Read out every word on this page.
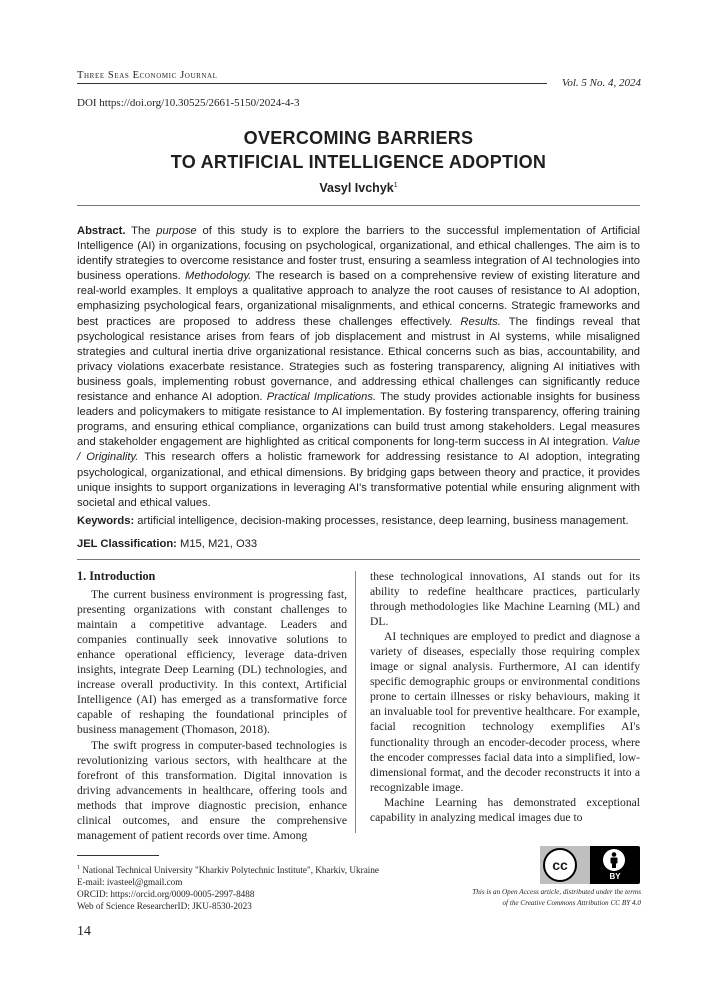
Three Seas Economic Journal
Vol. 5 No. 4, 2024
DOI https://doi.org/10.30525/2661-5150/2024-4-3
OVERCOMING BARRIERS
TO ARTIFICIAL INTELLIGENCE ADOPTION
Vasyl Ivchyk$^1$
Abstract. The purpose of this study is to explore the barriers to the successful implementation of Artificial Intelligence (AI) in organizations, focusing on psychological, organizational, and ethical challenges. The aim is to identify strategies to overcome resistance and foster trust, ensuring a seamless integration of AI technologies into business operations. Methodology. The research is based on a comprehensive review of existing literature and real-world examples. It employs a qualitative approach to analyze the root causes of resistance to AI adoption, emphasizing psychological fears, organizational misalignments, and ethical concerns. Strategic frameworks and best practices are proposed to address these challenges effectively. Results. The findings reveal that psychological resistance arises from fears of job displacement and mistrust in AI systems, while misaligned strategies and cultural inertia drive organizational resistance. Ethical concerns such as bias, accountability, and privacy violations exacerbate resistance. Strategies such as fostering transparency, aligning AI initiatives with business goals, implementing robust governance, and addressing ethical challenges can significantly reduce resistance and enhance AI adoption. Practical Implications. The study provides actionable insights for business leaders and policymakers to mitigate resistance to AI implementation. By fostering transparency, offering training programs, and ensuring ethical compliance, organizations can build trust among stakeholders. Legal measures and stakeholder engagement are highlighted as critical components for long-term success in AI integration. Value / Originality. This research offers a holistic framework for addressing resistance to AI adoption, integrating psychological, organizational, and ethical dimensions. By bridging gaps between theory and practice, it provides unique insights to support organizations in leveraging AI's transformative potential while ensuring alignment with societal and ethical values.
Keywords: artificial intelligence, decision-making processes, resistance, deep learning, business management.
JEL Classification: M15, M21, O33
1. Introduction

The current business environment is progressing fast, presenting organizations with constant challenges to maintain a competitive advantage. Leaders and companies continually seek innovative solutions to enhance operational efficiency, leverage data-driven insights, integrate Deep Learning (DL) technologies, and increase overall productivity. In this context, Artificial Intelligence (AI) has emerged as a transformative force capable of reshaping the foundational principles of business management (Thomason, 2018).

The swift progress in computer-based technologies is revolutionizing various sectors, with healthcare at the forefront of this transformation. Digital innovation is driving advancements in healthcare, offering tools and methods that improve diagnostic precision, enhance clinical outcomes, and ensure the comprehensive management of patient records over time. Among

these technological innovations, AI stands out for its ability to redefine healthcare practices, particularly through methodologies like Machine Learning (ML) and DL.

AI techniques are employed to predict and diagnose a variety of diseases, especially those requiring complex image or signal analysis. Furthermore, AI can identify specific demographic groups or environmental conditions prone to certain illnesses or risky behaviours, making it an invaluable tool for preventive healthcare. For example, facial recognition technology exemplifies AI's functionality through an encoder-decoder process, where the encoder compresses facial data into a simplified, low-dimensional format, and the decoder reconstructs it into a recognizable image.

Machine Learning has demonstrated exceptional capability in analyzing medical images due to

$^1$ National Technical University "Kharkiv Polytechnic Institute", Kharkiv, Ukraine
E-mail: ivasteel@gmail.com
ORCID: https://orcid.org/0009-0005-2997-8488
Web of Science ResearcherID: JKU-8530-2023
cc
BY
This is an Open Access article, distributed under the terms
of the Creative Commons Attribution CC BY 4.0
14
